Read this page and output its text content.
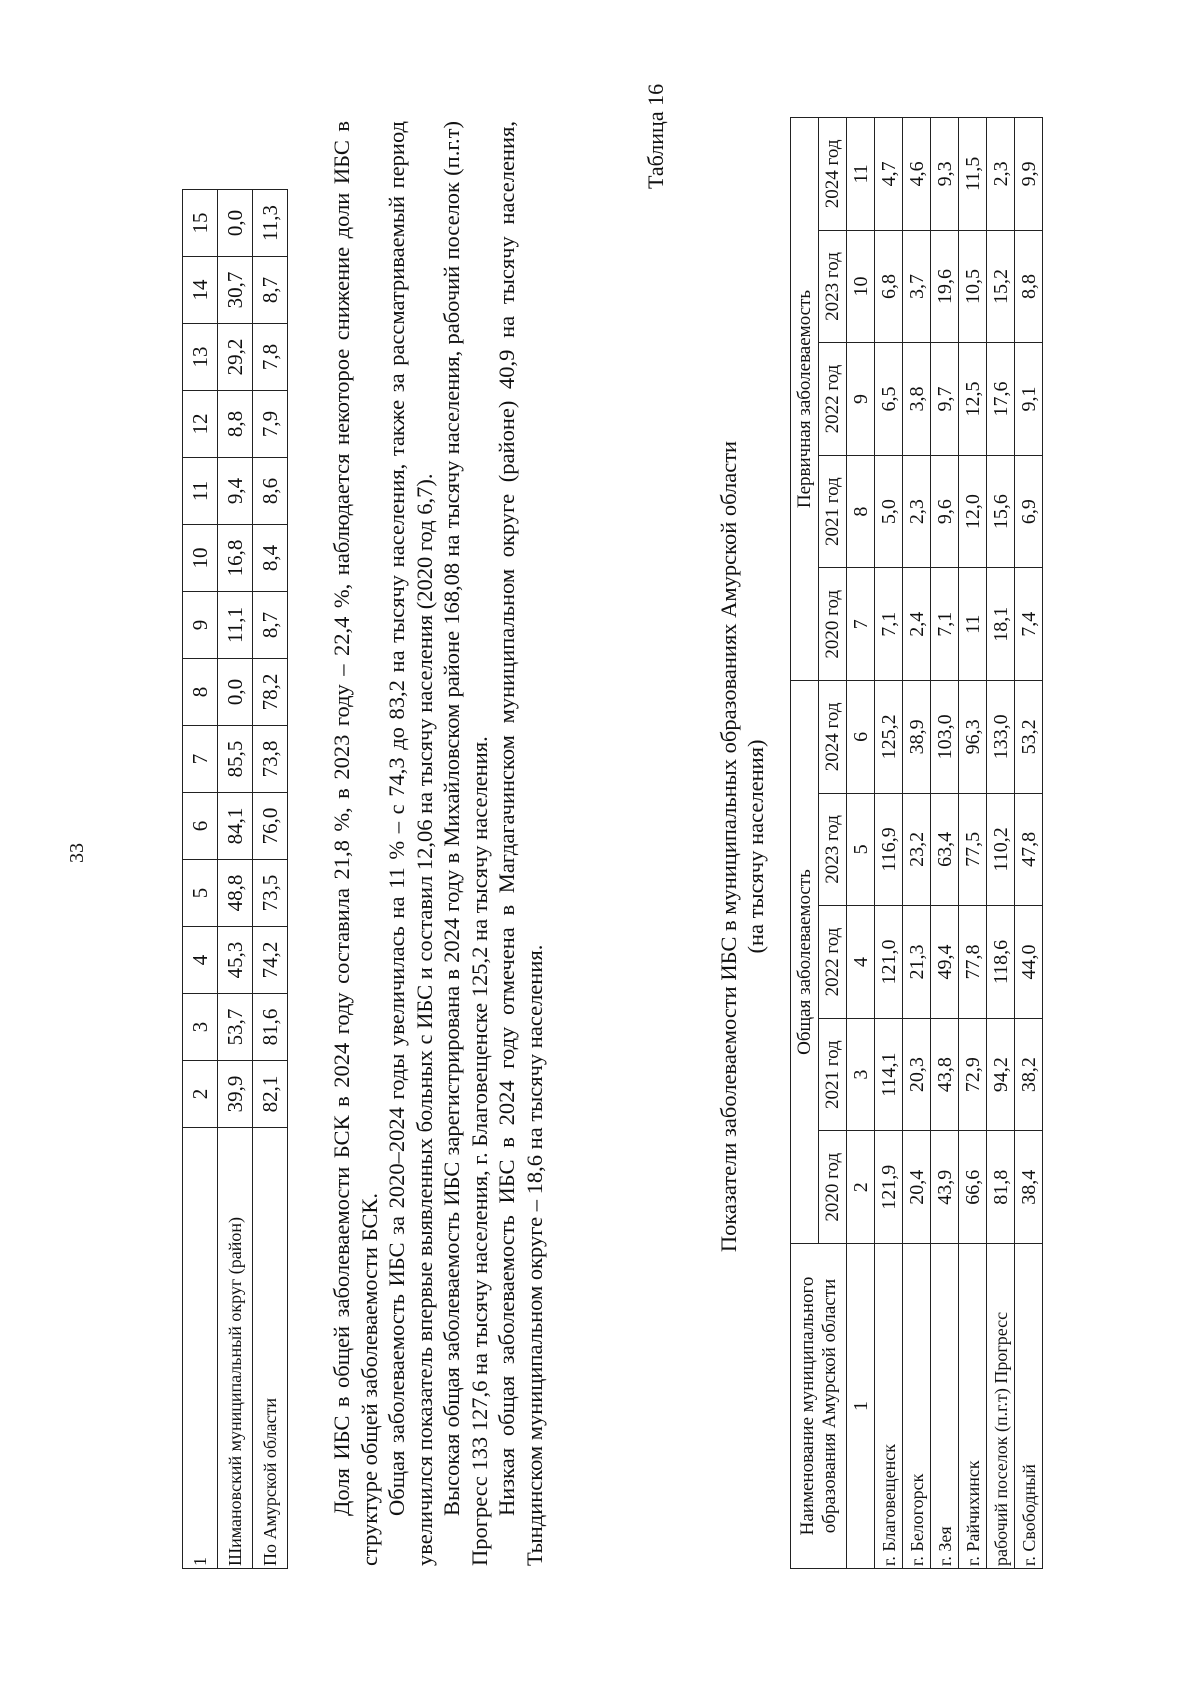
33
1	2	3	4	5	6	7	8	9	10	11	12	13	14	15
Шимановский муниципальный округ (район)	39,9	53,7	45,3	48,8	84,1	85,5	0,0	11,1	16,8	9,4	8,8	29,2	30,7	0,0
По Амурской области	82,1	81,6	74,2	73,5	76,0	73,8	78,2	8,7	8,4	8,6	7,9	7,8	8,7	11,3 Доля ИБС в общей заболеваемости БСК в 2024 году составила 21,8 %, в 2023 году – 22,4 %, наблюдается некоторое снижение доли ИБС в структуре общей заболеваемости БСК. Общая заболеваемость ИБС за 2020–2024 годы увеличилась на 11 % – с 74,3 до 83,2 на тысячу населения, также за рассматриваемый период увеличился показатель впервые выявленных больных с ИБС и составил 12,06 на тысячу населения (2020 год 6,7). Высокая общая заболеваемость ИБС зарегистрирована в 2024 году в Михайловском районе 168,08 на тысячу населения, рабочий поселок (п.г.т) Прогресс 133 127,6 на тысячу населения, г. Благовещенске 125,2 на тысячу населения. Низкая общая заболеваемость ИБС в 2024 году отмечена в Магдагачинском муниципальном округе (районе) 40,9 на тысячу населения, Тындинском муниципальном округе – 18,6 на тысячу населения.

Таблица 16
Показатели заболеваемости ИБС в муниципальных образованиях Амурской области (на тысячу населения)
Наименование муниципального образования Амурской области	Общая заболеваемость					Первичная заболеваемость				
	2020 год	2021 год	2022 год	2023 год	2024 год	2020 год	2021 год	2022 год	2023 год	2024 год
1	2	3	4	5	6	7	8	9	10	11
г. Благовещенск	121,9	114,1	121,0	116,9	125,2	7,1	5,0	6,5	6,8	4,7
г. Белогорск	20,4	20,3	21,3	23,2	38,9	2,4	2,3	3,8	3,7	4,6
г. Зея	43,9	43,8	49,4	63,4	103,0	7,1	9,6	9,7	19,6	9,3
г. Райчихинск	66,6	72,9	77,8	77,5	96,3	11	12,0	12,5	10,5	11,5
рабочий поселок (п.г.т) Прогресс	81,8	94,2	118,6	110,2	133,0	18,1	15,6	17,6	15,2	2,3
г. Свободный	38,4	38,2	44,0	47,8	53,2	7,4	6,9	9,1	8,8	9,9
